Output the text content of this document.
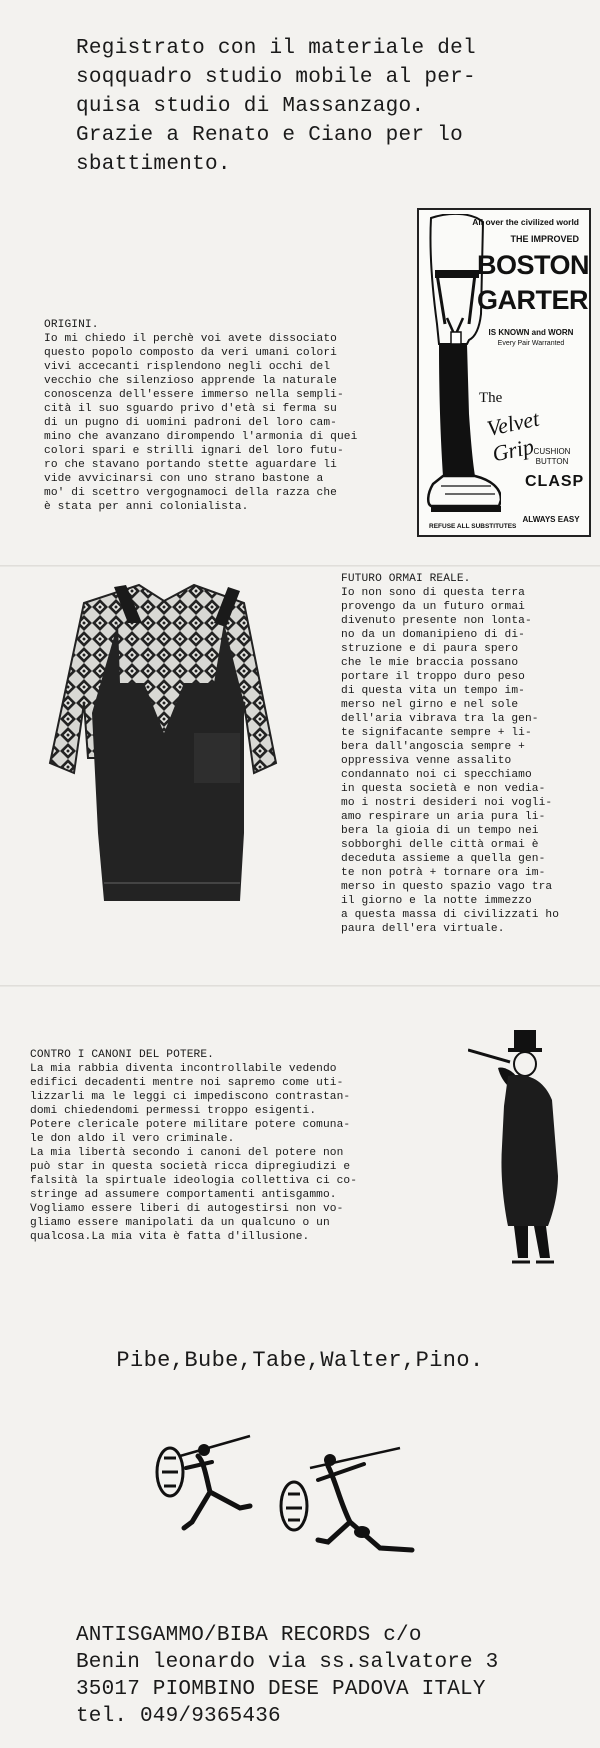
Registrato con il materiale del
soqquadro studio mobile al per-
quisa studio di Massanzago.
Grazie a Renato e Ciano per lo
sbattimento.

ORIGINI.
Io mi chiedo il perchè voi avete dissociato
questo popolo composto da veri umani colori
vivi accecanti risplendono negli occhi del
vecchio che silenzioso apprende la naturale
conoscenza dell'essere immerso nella sempli-
cità il suo sguardo privo d'età si ferma su
di un pugno di uomini padroni del loro cam-
mino che avanzano dirompendo l'armonia di quei
colori spari e strilli ignari del loro futu-
ro che stavano portando stette aguardare li
vide avvicinarsi con uno strano bastone a
mo' di scettro vergognamoci della razza che
è stata per anni colonialista.

All over the civilized world
THE IMPROVED
BOSTON
GARTER
IS KNOWN and WORN
Every Pair Warranted
The
Velvet Grip
CUSHION
BUTTON
CLASP
ALWAYS EASY
REFUSE ALL SUBSTITUTES

FUTURO ORMAI REALE.
Io non sono di questa terra
provengo da un futuro ormai
divenuto presente non lonta-
no da un domanipieno di di-
struzione e di paura spero
che le mie braccia possano
portare il troppo duro peso
di questa vita un tempo im-
merso nel girno e nel sole
dell'aria vibrava tra la gen-
te signifacante sempre + li-
bera dall'angoscia sempre +
oppressiva venne assalito
condannato noi ci specchiamo
in questa società e non vedia-
mo i nostri desideri noi vogli-
amo respirare un aria pura li-
bera la gioia di un tempo nei
sobborghi delle città ormai è
deceduta assieme a quella gen-
te non potrà + tornare ora im-
merso in questo spazio vago tra
il giorno e la notte immezzo
a questa massa di civilizzati ho
paura dell'era virtuale.

CONTRO I CANONI DEL POTERE.
La mia rabbia diventa incontrollabile vedendo
edifici decadenti mentre noi sapremo come uti-
lizzarli ma le leggi ci impediscono contrastan-
domi chiedendomi permessi troppo esigenti.
Potere clericale potere militare potere comuna-
le don aldo il vero criminale.
La mia libertà secondo i canoni del potere non
può star in questa società ricca dipregiudizi e
falsità la spirtuale ideologia collettiva ci co-
stringe ad assumere comportamenti antisgammo.
Vogliamo essere liberi di autogestirsi non vo-
gliamo essere manipolati da un qualcuno o un
qualcosa.La mia vita è fatta d'illusione.

Pibe,Bube,Tabe,Walter,Pino.
ANTISGAMMO/BIBA RECORDS c/o
Benin leonardo via ss.salvatore 3
35017 PIOMBINO DESE PADOVA ITALY
tel. 049/9365436
